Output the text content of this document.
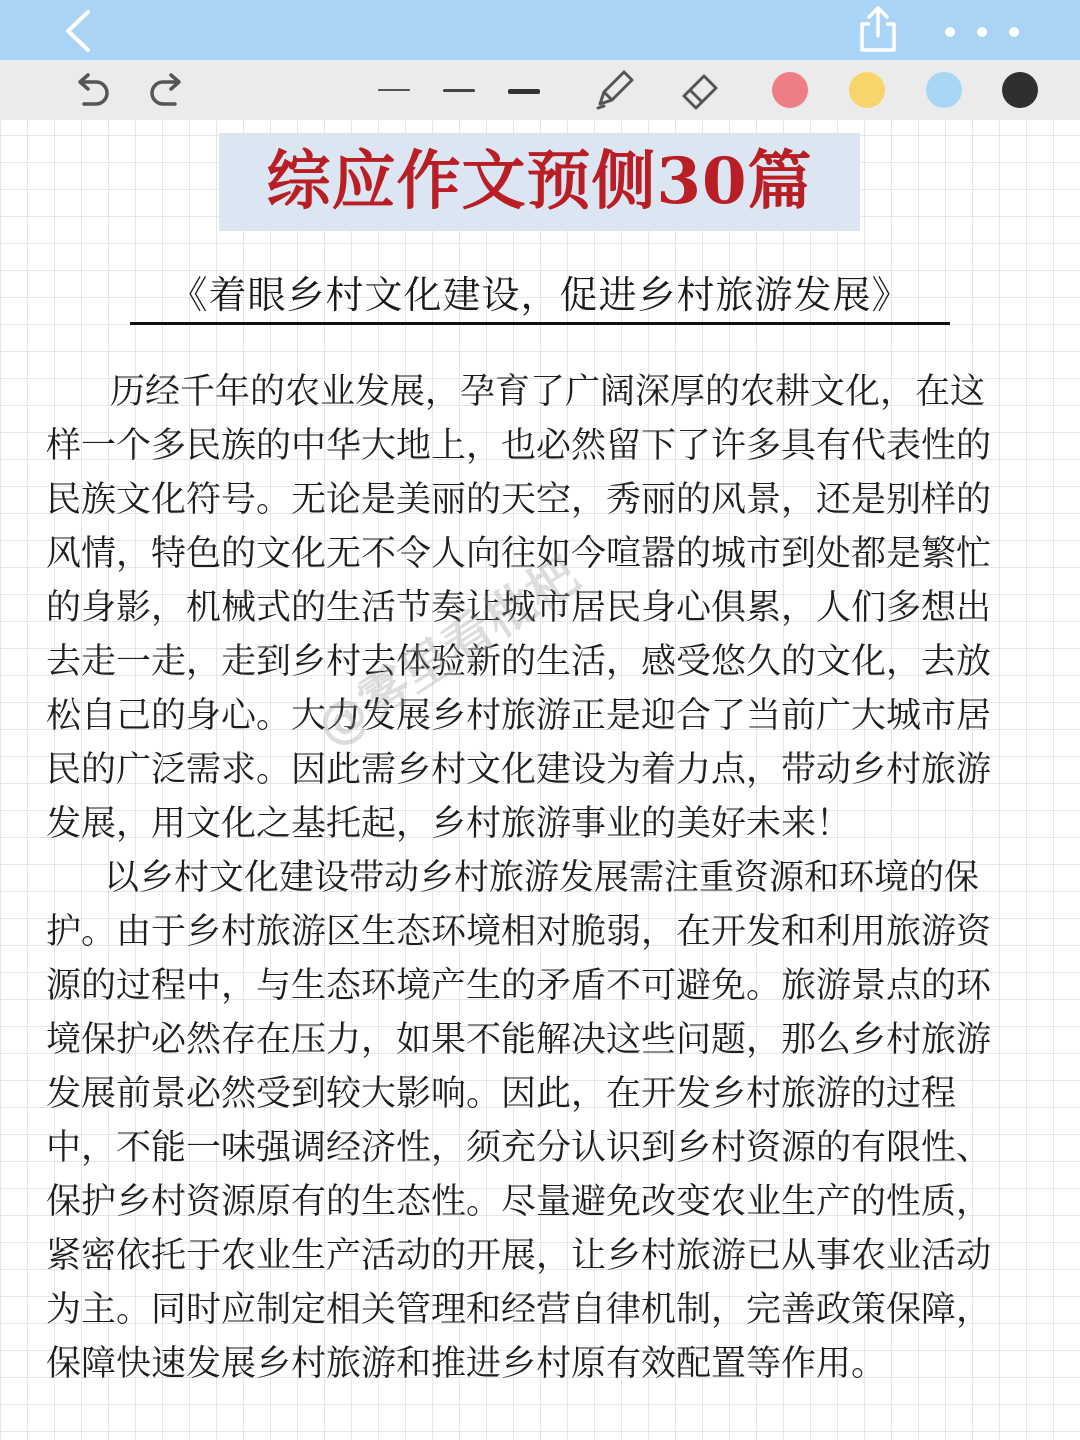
综应作文预侧30篇
《着眼乡村文化建设，促进乡村旅游发展》
历经千年的农业发展，孕育了广阔深厚的农耕文化，在这
样一个多民族的中华大地上，也必然留下了许多具有代表性的
民族文化符号。无论是美丽的天空，秀丽的风景，还是别样的
风情，特色的文化无不令人向往如今喧嚣的城市到处都是繁忙
的身影，机械式的生活节奏让城市居民身心俱累，人们多想出
去走一走，走到乡村去体验新的生活，感受悠久的文化，去放
松自己的身心。大力发展乡村旅游正是迎合了当前广大城市居
民的广泛需求。因此需乡村文化建设为着力点，带动乡村旅游
发展，用文化之基托起，乡村旅游事业的美好未来！
以乡村文化建设带动乡村旅游发展需注重资源和环境的保
护。由于乡村旅游区生态环境相对脆弱，在开发和利用旅游资
源的过程中，与生态环境产生的矛盾不可避免。旅游景点的环
境保护必然存在压力，如果不能解决这些问题，那么乡村旅游
发展前景必然受到较大影响。因此，在开发乡村旅游的过程
中，不能一味强调经济性，须充分认识到乡村资源的有限性、
保护乡村资源原有的生态性。尽量避免改变农业生产的性质，
紧密依托于农业生产活动的开展，让乡村旅游已从事农业活动
为主。同时应制定相关管理和经营自律机制，完善政策保障，
保障快速发展乡村旅游和推进乡村原有效配置等作用。
@雾里看枇杷
